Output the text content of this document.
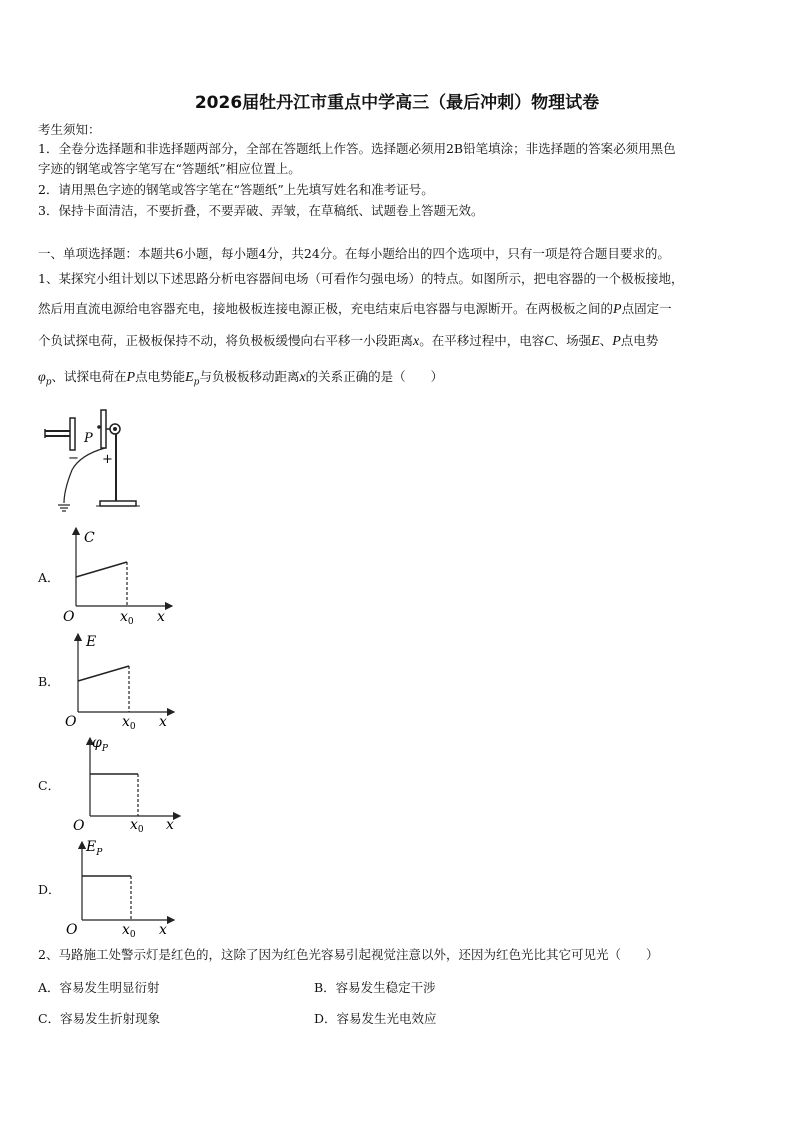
2026届牡丹江市重点中学高三（最后冲刺）物理试卷
考生须知：
1．全卷分选择题和非选择题两部分，全部在答题纸上作答。选择题必须用2B铅笔填涂；非选择题的答案必须用黑色
字迹的钢笔或答字笔写在“答题纸”相应位置上。
2．请用黑色字迹的钢笔或答字笔在“答题纸”上先填写姓名和准考证号。
3．保持卡面清洁，不要折叠，不要弄破、弄皱，在草稿纸、试题卷上答题无效。
一、单项选择题：本题共6小题，每小题4分，共24分。在每小题给出的四个选项中，只有一项是符合题目要求的。
1、某探究小组计划以下述思路分析电容器间电场（可看作匀强电场）的特点。如图所示，把电容器的一个极板接地，
然后用直流电源给电容器充电，接地极板连接电源正极，充电结束后电容器与电源断开。在两极板之间的P点固定一
个负试探电荷，正极板保持不动，将负极板缓慢向右平移一小段距离x。在平移过程中，电容C、场强E、P点电势
$\varphi_p$、试探电荷在P点电势能$E_p$与负极板移动距离x的关系正确的是（　　）
P
− +
A．
C
O	$x_0$ x
B．
E
O	$x_0$ x
C．
$\varphi_P$
O	$x_0$ x
D．
$E_P$
O	$x_0$ x
2、马路施工处警示灯是红色的，这除了因为红色光容易引起视觉注意以外，还因为红色光比其它可见光（　　）
A．容易发生明显衍射	B．容易发生稳定干涉
C．容易发生折射现象	D．容易发生光电效应
